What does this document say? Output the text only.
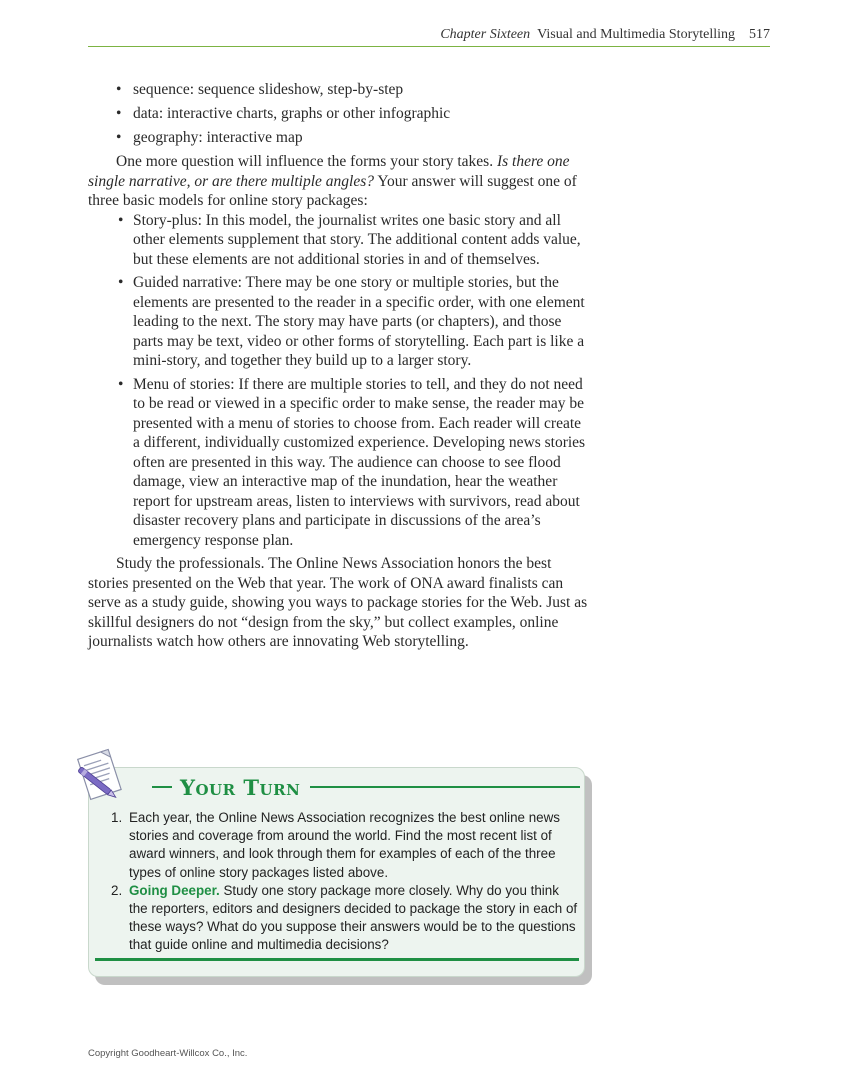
Chapter Sixteen Visual and Multimedia Storytelling 517
• sequence: sequence slideshow, step-by-step
• data: interactive charts, graphs or other infographic
• geography: interactive map

One more question will influence the forms your story takes. Is there one single narrative, or are there multiple angles? Your answer will suggest one of three basic models for online story packages:

• Story-plus: In this model, the journalist writes one basic story and all other elements supplement that story. The additional content adds value, but these elements are not additional stories in and of themselves.
• Guided narrative: There may be one story or multiple stories, but the elements are presented to the reader in a specific order, with one element leading to the next. The story may have parts (or chapters), and those parts may be text, video or other forms of storytelling. Each part is like a mini-story, and together they build up to a larger story.
• Menu of stories: If there are multiple stories to tell, and they do not need to be read or viewed in a specific order to make sense, the reader may be presented with a menu of stories to choose from. Each reader will create a different, individually customized experience. Developing news stories often are presented in this way. The audience can choose to see flood damage, view an interactive map of the inundation, hear the weather report for upstream areas, listen to interviews with survivors, read about disaster recovery plans and participate in discussions of the area’s emergency response plan.

Study the professionals. The Online News Association honors the best stories presented on the Web that year. The work of ONA award finalists can serve as a study guide, showing you ways to package stories for the Web. Just as skillful designers do not “design from the sky,” but collect examples, online journalists watch how others are innovating Web storytelling.

Your Turn
1. Each year, the Online News Association recognizes the best online news stories and coverage from around the world. Find the most recent list of award winners, and look through them for examples of each of the three types of online story packages listed above.
2. Going Deeper. Study one story package more closely. Why do you think the reporters, editors and designers decided to package the story in each of these ways? What do you suppose their answers would be to the questions that guide online and multimedia decisions?
Copyright Goodheart-Willcox Co., Inc.
